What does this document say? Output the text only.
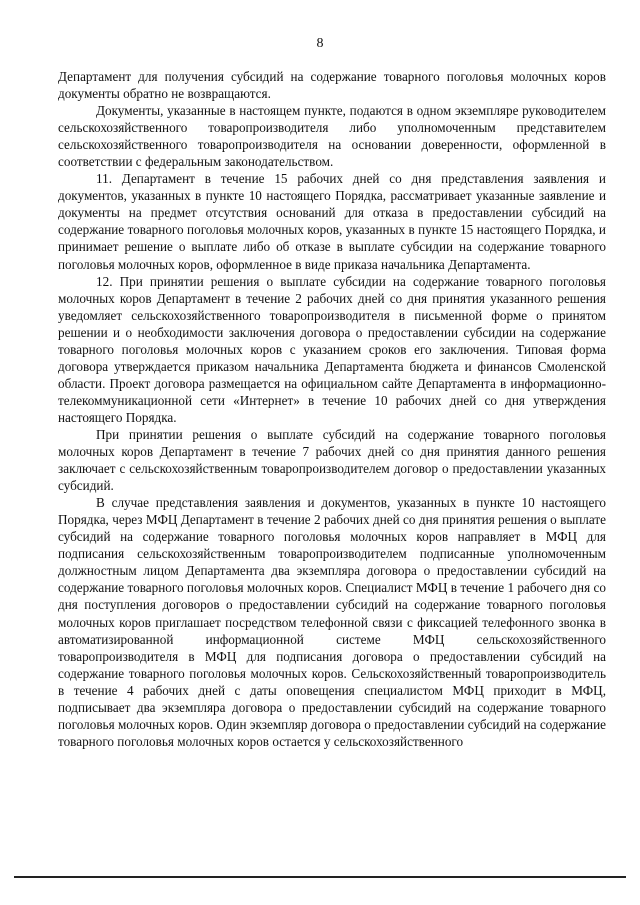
8

Департамент для получения субсидий на содержание товарного поголовья молочных коров документы обратно не возвращаются.

Документы, указанные в настоящем пункте, подаются в одном экземпляре руководителем сельскохозяйственного товаропроизводителя либо уполномоченным представителем сельскохозяйственного товаропроизводителя на основании доверенности, оформленной в соответствии с федеральным законодательством.

11. Департамент в течение 15 рабочих дней со дня представления заявления и документов, указанных в пункте 10 настоящего Порядка, рассматривает указанные заявление и документы на предмет отсутствия оснований для отказа в предоставлении субсидий на содержание товарного поголовья молочных коров, указанных в пункте 15 настоящего Порядка, и принимает решение о выплате либо об отказе в выплате субсидии на содержание товарного поголовья молочных коров, оформленное в виде приказа начальника Департамента.

12. При принятии решения о выплате субсидии на содержание товарного поголовья молочных коров Департамент в течение 2 рабочих дней со дня принятия указанного решения уведомляет сельскохозяйственного товаропроизводителя в письменной форме о принятом решении и о необходимости заключения договора о предоставлении субсидии на содержание товарного поголовья молочных коров с указанием сроков его заключения. Типовая форма договора утверждается приказом начальника Департамента бюджета и финансов Смоленской области. Проект договора размещается на официальном сайте Департамента в информационно-телекоммуникационной сети «Интернет» в течение 10 рабочих дней со дня утверждения настоящего Порядка.

При принятии решения о выплате субсидий на содержание товарного поголовья молочных коров Департамент в течение 7 рабочих дней со дня принятия данного решения заключает с сельскохозяйственным товаропроизводителем договор о предоставлении указанных субсидий.

В случае представления заявления и документов, указанных в пункте 10 настоящего Порядка, через МФЦ Департамент в течение 2 рабочих дней со дня принятия решения о выплате субсидий на содержание товарного поголовья молочных коров направляет в МФЦ для подписания сельскохозяйственным товаропроизводителем подписанные уполномоченным должностным лицом Департамента два экземпляра договора о предоставлении субсидий на содержание товарного поголовья молочных коров. Специалист МФЦ в течение 1 рабочего дня со дня поступления договоров о предоставлении субсидий на содержание товарного поголовья молочных коров приглашает посредством телефонной связи с фиксацией телефонного звонка в автоматизированной информационной системе МФЦ сельскохозяйственного товаропроизводителя в МФЦ для подписания договора о предоставлении субсидий на содержание товарного поголовья молочных коров. Сельскохозяйственный товаропроизводитель в течение 4 рабочих дней с даты оповещения специалистом МФЦ приходит в МФЦ, подписывает два экземпляра договора о предоставлении субсидий на содержание товарного поголовья молочных коров. Один экземпляр договора о предоставлении субсидий на содержание товарного поголовья молочных коров остается у сельскохозяйственного
